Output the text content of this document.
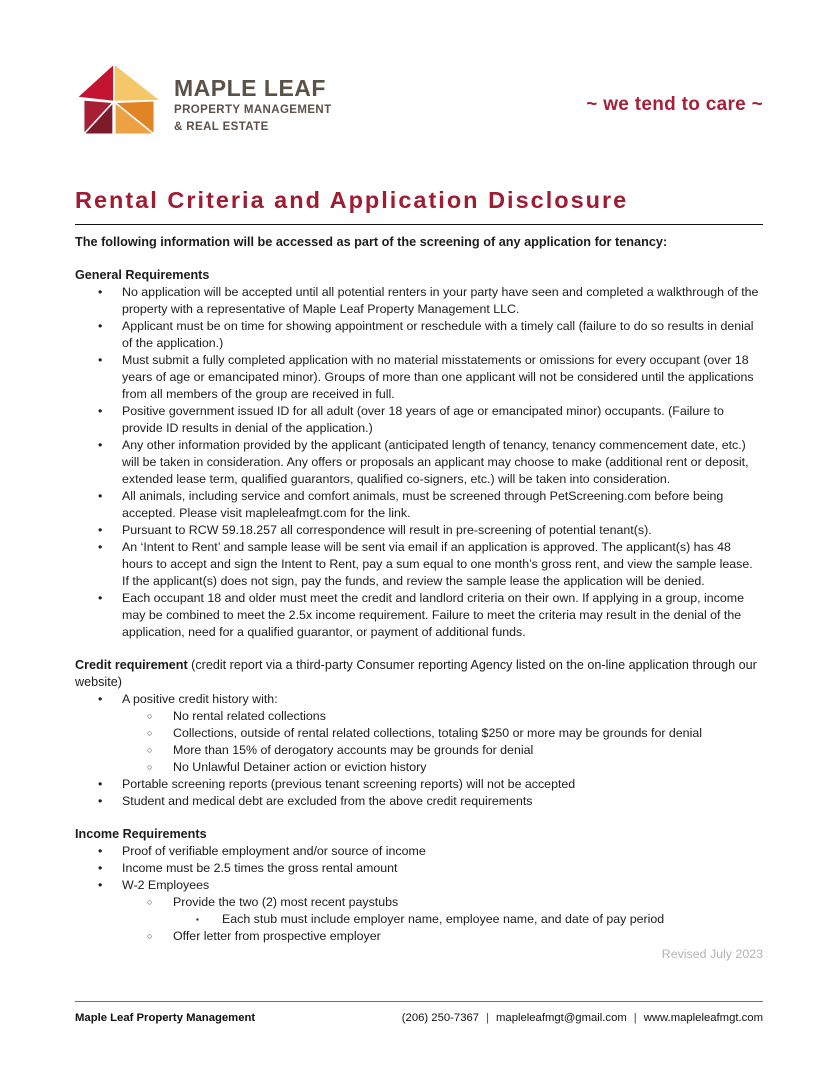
MAPLE LEAF
PROPERTY MANAGEMENT
& REAL ESTATE
~ we tend to care ~
Rental Criteria and Application Disclosure

The following information will be accessed as part of the screening of any application for tenancy:

General Requirements

•	No application will be accepted until all potential renters in your party have seen and completed a walkthrough of the property with a representative of Maple Leaf Property Management LLC.
•	Applicant must be on time for showing appointment or reschedule with a timely call (failure to do so results in denial of the application.)
•	Must submit a fully completed application with no material misstatements or omissions for every occupant (over 18 years of age or emancipated minor). Groups of more than one applicant will not be considered until the applications from all members of the group are received in full.
•	Positive government issued ID for all adult (over 18 years of age or emancipated minor) occupants. (Failure to provide ID results in denial of the application.)
•	Any other information provided by the applicant (anticipated length of tenancy, tenancy commencement date, etc.) will be taken in consideration. Any offers or proposals an applicant may choose to make (additional rent or deposit, extended lease term, qualified guarantors, qualified co-signers, etc.) will be taken into consideration.
•	All animals, including service and comfort animals, must be screened through PetScreening.com before being accepted. Please visit mapleleafmgt.com for the link.
•	Pursuant to RCW 59.18.257 all correspondence will result in pre-screening of potential tenant(s).
•	An ‘Intent to Rent’ and sample lease will be sent via email if an application is approved. The applicant(s) has 48 hours to accept and sign the Intent to Rent, pay a sum equal to one month’s gross rent, and view the sample lease. If the applicant(s) does not sign, pay the funds, and review the sample lease the application will be denied.
•	Each occupant 18 and older must meet the credit and landlord criteria on their own. If applying in a group, income may be combined to meet the 2.5x income requirement. Failure to meet the criteria may result in the denial of the application, need for a qualified guarantor, or payment of additional funds.

Credit requirement (credit report via a third-party Consumer reporting Agency listed on the on-line application through our website)

•	A positive credit history with:
○	No rental related collections
○	Collections, outside of rental related collections, totaling $250 or more may be grounds for denial
○	More than 15% of derogatory accounts may be grounds for denial
○	No Unlawful Detainer action or eviction history
•	Portable screening reports (previous tenant screening reports) will not be accepted
•	Student and medical debt are excluded from the above credit requirements

Income Requirements

•	Proof of verifiable employment and/or source of income
•	Income must be 2.5 times the gross rental amount
•	W-2 Employees
○	Provide the two (2) most recent paystubs
▪	Each stub must include employer name, employee name, and date of pay period
○	Offer letter from prospective employer

Revised July 2023

Maple Leaf Property Management	(206) 250-7367 | mapleleafmgt@gmail.com | www.mapleleafmgt.com
